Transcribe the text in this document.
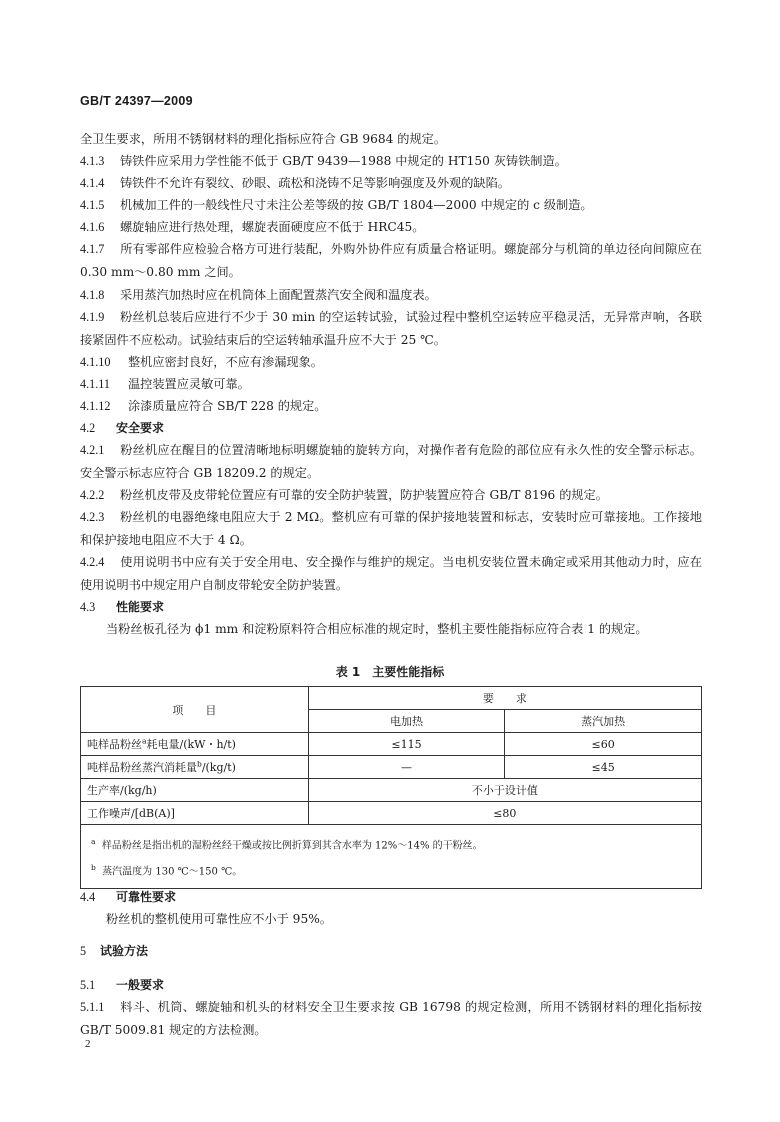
GB/T 24397—2009
全卫生要求，所用不锈钢材料的理化指标应符合 GB 9684 的规定。
4.1.3 铸铁件应采用力学性能不低于 GB/T 9439—1988 中规定的 HT150 灰铸铁制造。
4.1.4 铸铁件不允许有裂纹、砂眼、疏松和浇铸不足等影响强度及外观的缺陷。
4.1.5 机械加工件的一般线性尺寸未注公差等级的按 GB/T 1804—2000 中规定的 c 级制造。
4.1.6 螺旋轴应进行热处理，螺旋表面硬度应不低于 HRC45。
4.1.7 所有零部件应检验合格方可进行装配，外购外协件应有质量合格证明。螺旋部分与机筒的单边径向间隙应在 0.30 mm～0.80 mm 之间。
4.1.8 采用蒸汽加热时应在机筒体上面配置蒸汽安全阀和温度表。
4.1.9 粉丝机总装后应进行不少于 30 min 的空运转试验，试验过程中整机空运转应平稳灵活，无异常声响，各联接紧固件不应松动。试验结束后的空运转轴承温升应不大于 25 ℃。
4.1.10 整机应密封良好，不应有渗漏现象。
4.1.11 温控装置应灵敏可靠。
4.1.12 涂漆质量应符合 SB/T 228 的规定。
4.2 安全要求
4.2.1 粉丝机应在醒目的位置清晰地标明螺旋轴的旋转方向，对操作者有危险的部位应有永久性的安全警示标志。安全警示标志应符合 GB 18209.2 的规定。
4.2.2 粉丝机皮带及皮带轮位置应有可靠的安全防护装置，防护装置应符合 GB/T 8196 的规定。
4.2.3 粉丝机的电器绝缘电阻应大于 2 MΩ。整机应有可靠的保护接地装置和标志，安装时应可靠接地。工作接地和保护接地电阻应不大于 4 Ω。
4.2.4 使用说明书中应有关于安全用电、安全操作与维护的规定。当电机安装位置未确定或采用其他动力时，应在使用说明书中规定用户自制皮带轮安全防护装置。
4.3 性能要求
当粉丝板孔径为 ϕ1 mm 和淀粉原料符合相应标准的规定时，整机主要性能指标应符合表 1 的规定。
表 1　主要性能指标
项　　目	要　　求	
	电加热	蒸汽加热
吨样品粉丝$^a$耗电量/(kW・h/t)	≤115	≤60
吨样品粉丝蒸汽消耗量$^b$/(kg/t)	—	≤45
生产率/(kg/h)	不小于设计值	
工作噪声/[dB(A)]	≤80	

$^a$ 样品粉丝是指出机的湿粉丝经干燥或按比例折算到其含水率为 12%～14% 的干粉丝。
$^b$ 蒸汽温度为 130 ℃～150 ℃。		
4.4 可靠性要求
粉丝机的整机使用可靠性应不小于 95%。
5 试验方法
5.1 一般要求
5.1.1 料斗、机筒、螺旋轴和机头的材料安全卫生要求按 GB 16798 的规定检测，所用不锈钢材料的理化指标按 GB/T 5009.81 规定的方法检测。
2
